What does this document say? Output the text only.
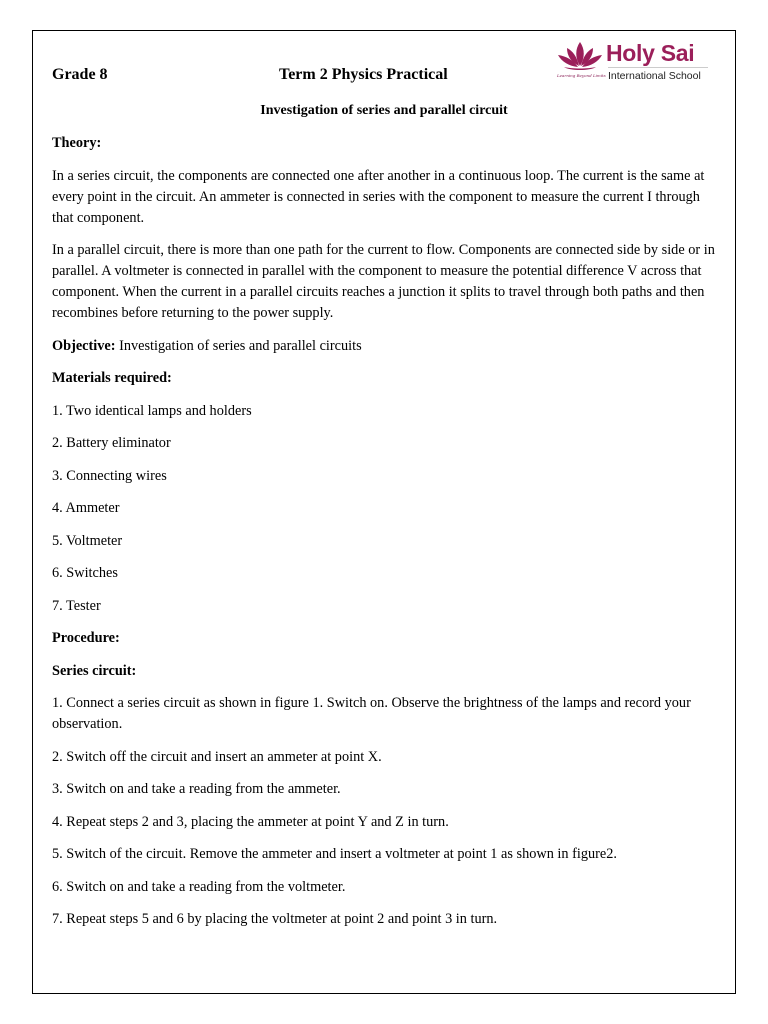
Grade 8	Term 2 Physics Practical
Holy Sai
International School
Learning Beyond Limits
Investigation of series and parallel circuit

Theory:

In a series circuit, the components are connected one after another in a continuous loop. The current is the same at every point in the circuit. An ammeter is connected in series with the component to measure the current I through that component.

In a parallel circuit, there is more than one path for the current to flow. Components are connected side by side or in parallel. A voltmeter is connected in parallel with the component to measure the potential difference V across that component. When the current in a parallel circuits reaches a junction it splits to travel through both paths and then recombines before returning to the power supply.

Objective: Investigation of series and parallel circuits

Materials required:

1. Two identical lamps and holders

2. Battery eliminator

3. Connecting wires

4. Ammeter

5. Voltmeter

6. Switches

7. Tester

Procedure:

Series circuit:

1. Connect a series circuit as shown in figure 1. Switch on. Observe the brightness of the lamps and record your observation.

2. Switch off the circuit and insert an ammeter at point X.

3. Switch on and take a reading from the ammeter.

4. Repeat steps 2 and 3, placing the ammeter at point Y and Z in turn.

5. Switch of the circuit. Remove the ammeter and insert a voltmeter at point 1 as shown in figure2.

6. Switch on and take a reading from the voltmeter.

7. Repeat steps 5 and 6 by placing the voltmeter at point 2 and point 3 in turn.
